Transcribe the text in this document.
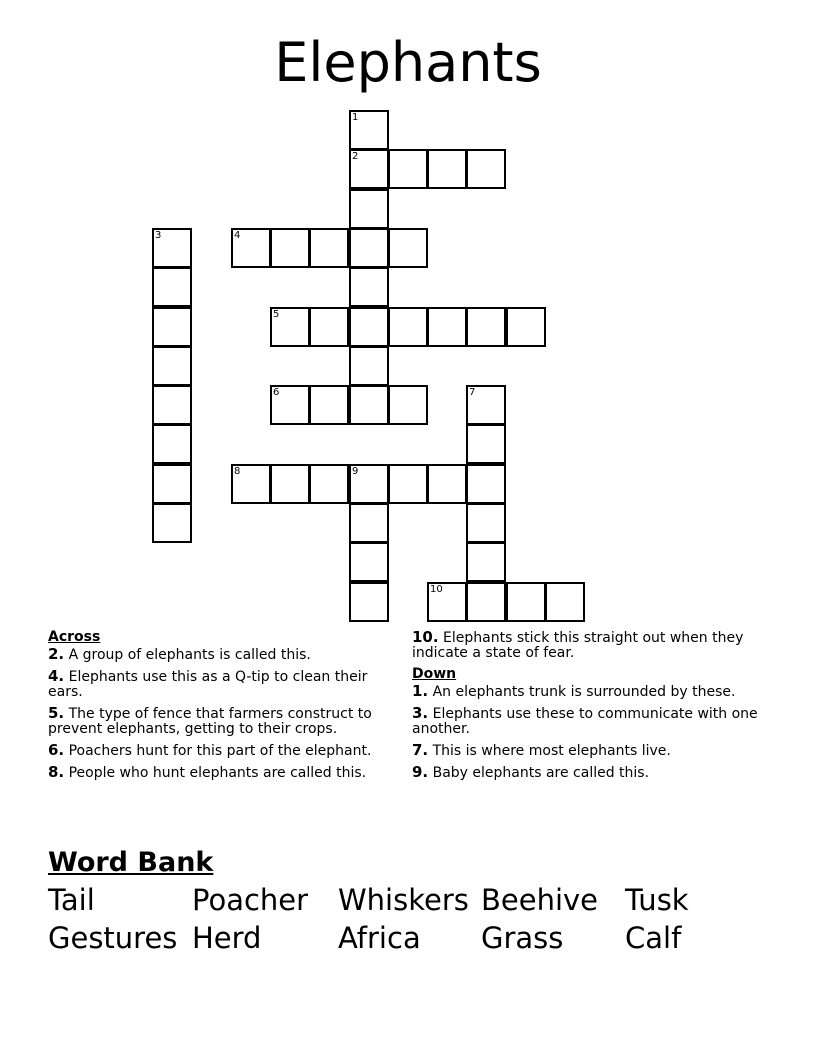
Elephants
1
2
3	4
5
6	7
8	9
10
Across
2. A group of elephants is called this.
4. Elephants use this as a Q-tip to clean their ears.
5. The type of fence that farmers construct to prevent elephants, getting to their crops.
6. Poachers hunt for this part of the elephant.
8. People who hunt elephants are called this.
10. Elephants stick this straight out when they indicate a state of fear.
Down
1. An elephants trunk is surrounded by these.
3. Elephants use these to communicate with one another.
7. This is where most elephants live.
9. Baby elephants are called this.
Word Bank
Tail	Poacher Whiskers Beehive Tusk
Gestures Herd	Africa Grass Calf
